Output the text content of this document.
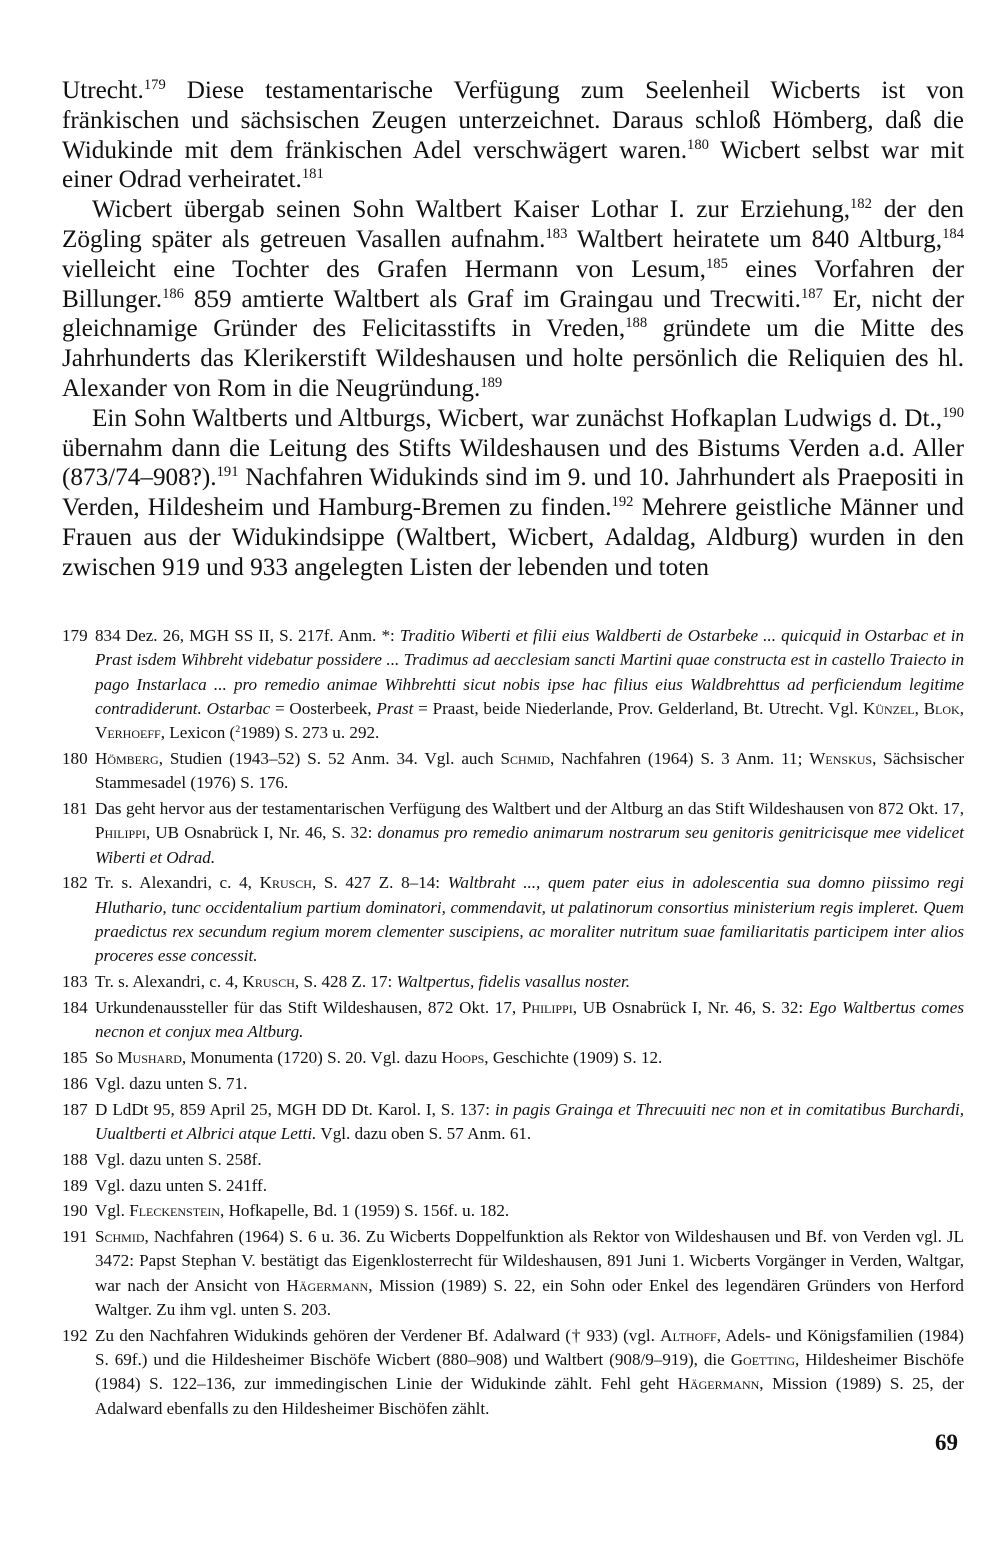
Utrecht.$^{179}$ Diese testamentarische Verfügung zum Seelenheil Wicberts ist von fränkischen und sächsischen Zeugen unterzeichnet. Daraus schloß Hömberg, daß die Widukinde mit dem fränkischen Adel verschwägert waren.$^{180}$ Wicbert selbst war mit einer Odrad verheiratet.$^{181}$

Wicbert übergab seinen Sohn Waltbert Kaiser Lothar I. zur Erziehung,$^{182}$ der den Zögling später als getreuen Vasallen aufnahm.$^{183}$ Waltbert heiratete um 840 Altburg,$^{184}$ vielleicht eine Tochter des Grafen Hermann von Lesum,$^{185}$ eines Vorfahren der Billunger.$^{186}$ 859 amtierte Waltbert als Graf im Graingau und Trecwiti.$^{187}$ Er, nicht der gleichnamige Gründer des Felicitasstifts in Vreden,$^{188}$ gründete um die Mitte des Jahrhunderts das Klerikerstift Wildeshausen und holte persönlich die Reliquien des hl. Alexander von Rom in die Neugründung.$^{189}$

Ein Sohn Waltberts und Altburgs, Wicbert, war zunächst Hofkaplan Ludwigs d. Dt.,$^{190}$ übernahm dann die Leitung des Stifts Wildeshausen und des Bistums Verden a.d. Aller (873/74–908?).$^{191}$ Nachfahren Widukinds sind im 9. und 10. Jahrhundert als Praepositi in Verden, Hildesheim und Hamburg-Bremen zu finden.$^{192}$ Mehrere geistliche Männer und Frauen aus der Widukindsippe (Waltbert, Wicbert, Adaldag, Aldburg) wurden in den zwischen 919 und 933 angelegten Listen der lebenden und toten

179 834 Dez. 26, MGH SS II, S. 217f. Anm. *: Traditio Wiberti et filii eius Waldberti de Ostarbeke ... quicquid in Ostarbac et in Prast isdem Wihbreht videbatur possidere ... Tradimus ad aecclesiam sancti Martini quae constructa est in castello Traiecto in pago Instarlaca ... pro remedio animae Wihbrehtti sicut nobis ipse hac filius eius Waldbrehttus ad perficiendum legitime contradiderunt. Ostarbac = Oosterbeek, Prast = Praast, beide Niederlande, Prov. Gelderland, Bt. Utrecht. Vgl. Künzel, Blok, Verhoeff, Lexicon ($^2$1989) S. 273 u. 292.
180 Hömberg, Studien (1943–52) S. 52 Anm. 34. Vgl. auch Schmid, Nachfahren (1964) S. 3 Anm. 11; Wenskus, Sächsischer Stammesadel (1976) S. 176.
181 Das geht hervor aus der testamentarischen Verfügung des Waltbert und der Altburg an das Stift Wildeshausen von 872 Okt. 17, Philippi, UB Osnabrück I, Nr. 46, S. 32: donamus pro remedio animarum nostrarum seu genitoris genitricisque mee videlicet Wiberti et Odrad.
182 Tr. s. Alexandri, c. 4, Krusch, S. 427 Z. 8–14: Waltbraht ..., quem pater eius in adolescentia sua domno piissimo regi Hluthario, tunc occidentalium partium dominatori, commendavit, ut palatinorum consortius ministerium regis impleret. Quem praedictus rex secundum regium morem clementer suscipiens, ac moraliter nutritum suae familiaritatis participem inter alios proceres esse concessit.
183 Tr. s. Alexandri, c. 4, Krusch, S. 428 Z. 17: Waltpertus, fidelis vasallus noster.
184 Urkundenaussteller für das Stift Wildeshausen, 872 Okt. 17, Philippi, UB Osnabrück I, Nr. 46, S. 32: Ego Waltbertus comes necnon et conjux mea Altburg.
185 So Mushard, Monumenta (1720) S. 20. Vgl. dazu Hoops, Geschichte (1909) S. 12.
186 Vgl. dazu unten S. 71.
187 D LdDt 95, 859 April 25, MGH DD Dt. Karol. I, S. 137: in pagis Grainga et Threcuuiti nec non et in comitatibus Burchardi, Uualtberti et Albrici atque Letti. Vgl. dazu oben S. 57 Anm. 61.
188 Vgl. dazu unten S. 258f.
189 Vgl. dazu unten S. 241ff.
190 Vgl. Fleckenstein, Hofkapelle, Bd. 1 (1959) S. 156f. u. 182.
191 Schmid, Nachfahren (1964) S. 6 u. 36. Zu Wicberts Doppelfunktion als Rektor von Wildeshausen und Bf. von Verden vgl. JL 3472: Papst Stephan V. bestätigt das Eigenklosterrecht für Wildeshausen, 891 Juni 1. Wicberts Vorgänger in Verden, Waltgar, war nach der Ansicht von Hägermann, Mission (1989) S. 22, ein Sohn oder Enkel des legendären Gründers von Herford Waltger. Zu ihm vgl. unten S. 203.
192 Zu den Nachfahren Widukinds gehören der Verdener Bf. Adalward († 933) (vgl. Althoff, Adels- und Königsfamilien (1984) S. 69f.) und die Hildesheimer Bischöfe Wicbert (880–908) und Waltbert (908/9–919), die Goetting, Hildesheimer Bischöfe (1984) S. 122–136, zur immedingischen Linie der Widukinde zählt. Fehl geht Hägermann, Mission (1989) S. 25, der Adalward ebenfalls zu den Hildesheimer Bischöfen zählt.
69
